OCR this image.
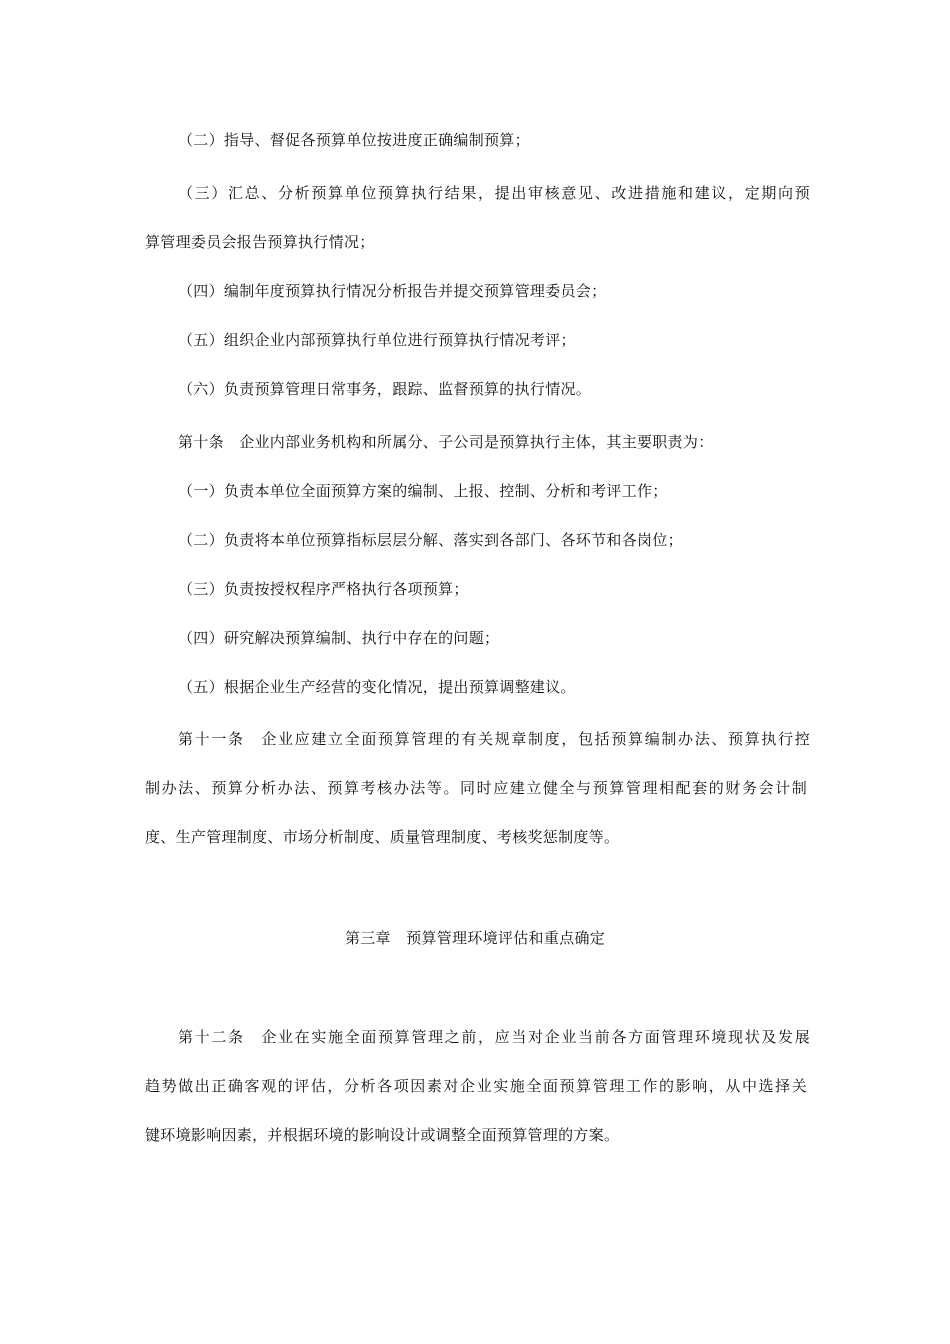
（二）指导、督促各预算单位按进度正确编制预算；
（三）汇总、分析预算单位预算执行结果，提出审核意见、改进措施和建议，定期向预
算管理委员会报告预算执行情况；
（四）编制年度预算执行情况分析报告并提交预算管理委员会；
（五）组织企业内部预算执行单位进行预算执行情况考评；
（六）负责预算管理日常事务，跟踪、监督预算的执行情况。
第十条　企业内部业务机构和所属分、子公司是预算执行主体，其主要职责为：
（一）负责本单位全面预算方案的编制、上报、控制、分析和考评工作；
（二）负责将本单位预算指标层层分解、落实到各部门、各环节和各岗位；
（三）负责按授权程序严格执行各项预算；
（四）研究解决预算编制、执行中存在的问题；
（五）根据企业生产经营的变化情况，提出预算调整建议。
第十一条　企业应建立全面预算管理的有关规章制度，包括预算编制办法、预算执行控
制办法、预算分析办法、预算考核办法等。同时应建立健全与预算管理相配套的财务会计制
度、生产管理制度、市场分析制度、质量管理制度、考核奖惩制度等。
第三章　预算管理环境评估和重点确定
第十二条　企业在实施全面预算管理之前，应当对企业当前各方面管理环境现状及发展
趋势做出正确客观的评估，分析各项因素对企业实施全面预算管理工作的影响，从中选择关
键环境影响因素，并根据环境的影响设计或调整全面预算管理的方案。
